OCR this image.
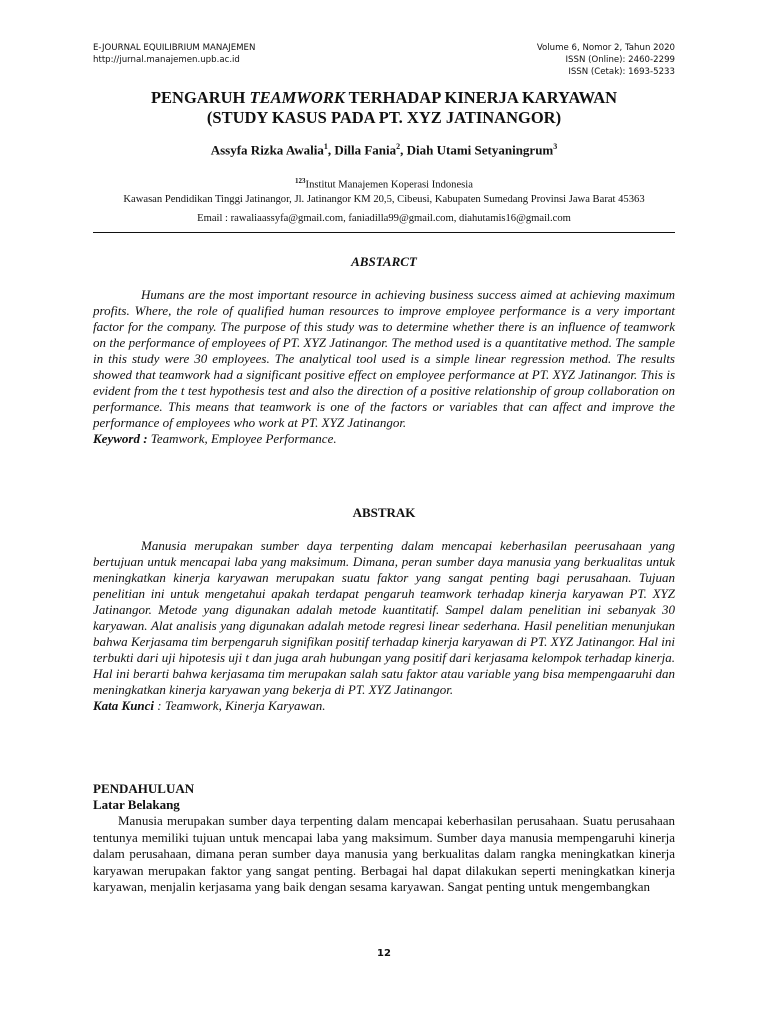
E-JOURNAL EQUILIBRIUM MANAJEMEN
http://jurnal.manajemen.upb.ac.id
Volume 6, Nomor 2, Tahun 2020
ISSN (Online): 2460-2299
ISSN (Cetak): 1693-5233
PENGARUH TEAMWORK TERHADAP KINERJA KARYAWAN
(STUDY KASUS PADA PT. XYZ JATINANGOR)
Assyfa Rizka Awalia$^1$, Dilla Fania$^2$, Diah Utami Setyaningrum$^3$
$^{123}$Institut Manajemen Koperasi Indonesia
Kawasan Pendidikan Tinggi Jatinangor, Jl. Jatinangor KM 20,5, Cibeusi, Kabupaten Sumedang Provinsi Jawa Barat 45363
Email : rawaliaassyfa@gmail.com, faniadilla99@gmail.com, diahutamis16@gmail.com
ABSTARCT

Humans are the most important resource in achieving business success aimed at achieving maximum profits. Where, the role of qualified human resources to improve employee performance is a very important factor for the company. The purpose of this study was to determine whether there is an influence of teamwork on the performance of employees of PT. XYZ Jatinangor. The method used is a quantitative method. The sample in this study were 30 employees. The analytical tool used is a simple linear regression method. The results showed that teamwork had a significant positive effect on employee performance at PT. XYZ Jatinangor. This is evident from the t test hypothesis test and also the direction of a positive relationship of group collaboration on performance. This means that teamwork is one of the factors or variables that can affect and improve the performance of employees who work at PT. XYZ Jatinangor.

Keyword : Teamwork, Employee Performance.
ABSTRAK

Manusia merupakan sumber daya terpenting dalam mencapai keberhasilan peerusahaan yang bertujuan untuk mencapai laba yang maksimum. Dimana, peran sumber daya manusia yang berkualitas untuk meningkatkan kinerja karyawan merupakan suatu faktor yang sangat penting bagi perusahaan. Tujuan penelitian ini untuk mengetahui apakah terdapat pengaruh teamwork terhadap kinerja karyawan PT. XYZ Jatinangor. Metode yang digunakan adalah metode kuantitatif. Sampel dalam penelitian ini sebanyak 30 karyawan. Alat analisis yang digunakan adalah metode regresi linear sederhana. Hasil penelitian menunjukan bahwa Kerjasama tim berpengaruh signifikan positif terhadap kinerja karyawan di PT. XYZ Jatinangor. Hal ini terbukti dari uji hipotesis uji t dan juga arah hubungan yang positif dari kerjasama kelompok terhadap kinerja. Hal ini berarti bahwa kerjasama tim merupakan salah satu faktor atau variable yang bisa mempengaaruhi dan meningkatkan kinerja karyawan yang bekerja di PT. XYZ Jatinangor.

Kata Kunci : Teamwork, Kinerja Karyawan.
PENDAHULUAN
Latar Belakang

Manusia merupakan sumber daya terpenting dalam mencapai keberhasilan perusahaan. Suatu perusahaan tentunya memiliki tujuan untuk mencapai laba yang maksimum. Sumber daya manusia mempengaruhi kinerja dalam perusahaan, dimana peran sumber daya manusia yang berkualitas dalam rangka meningkatkan kinerja karyawan merupakan faktor yang sangat penting. Berbagai hal dapat dilakukan seperti meningkatkan kinerja karyawan, menjalin kerjasama yang baik dengan sesama karyawan. Sangat penting untuk mengembangkan

12
